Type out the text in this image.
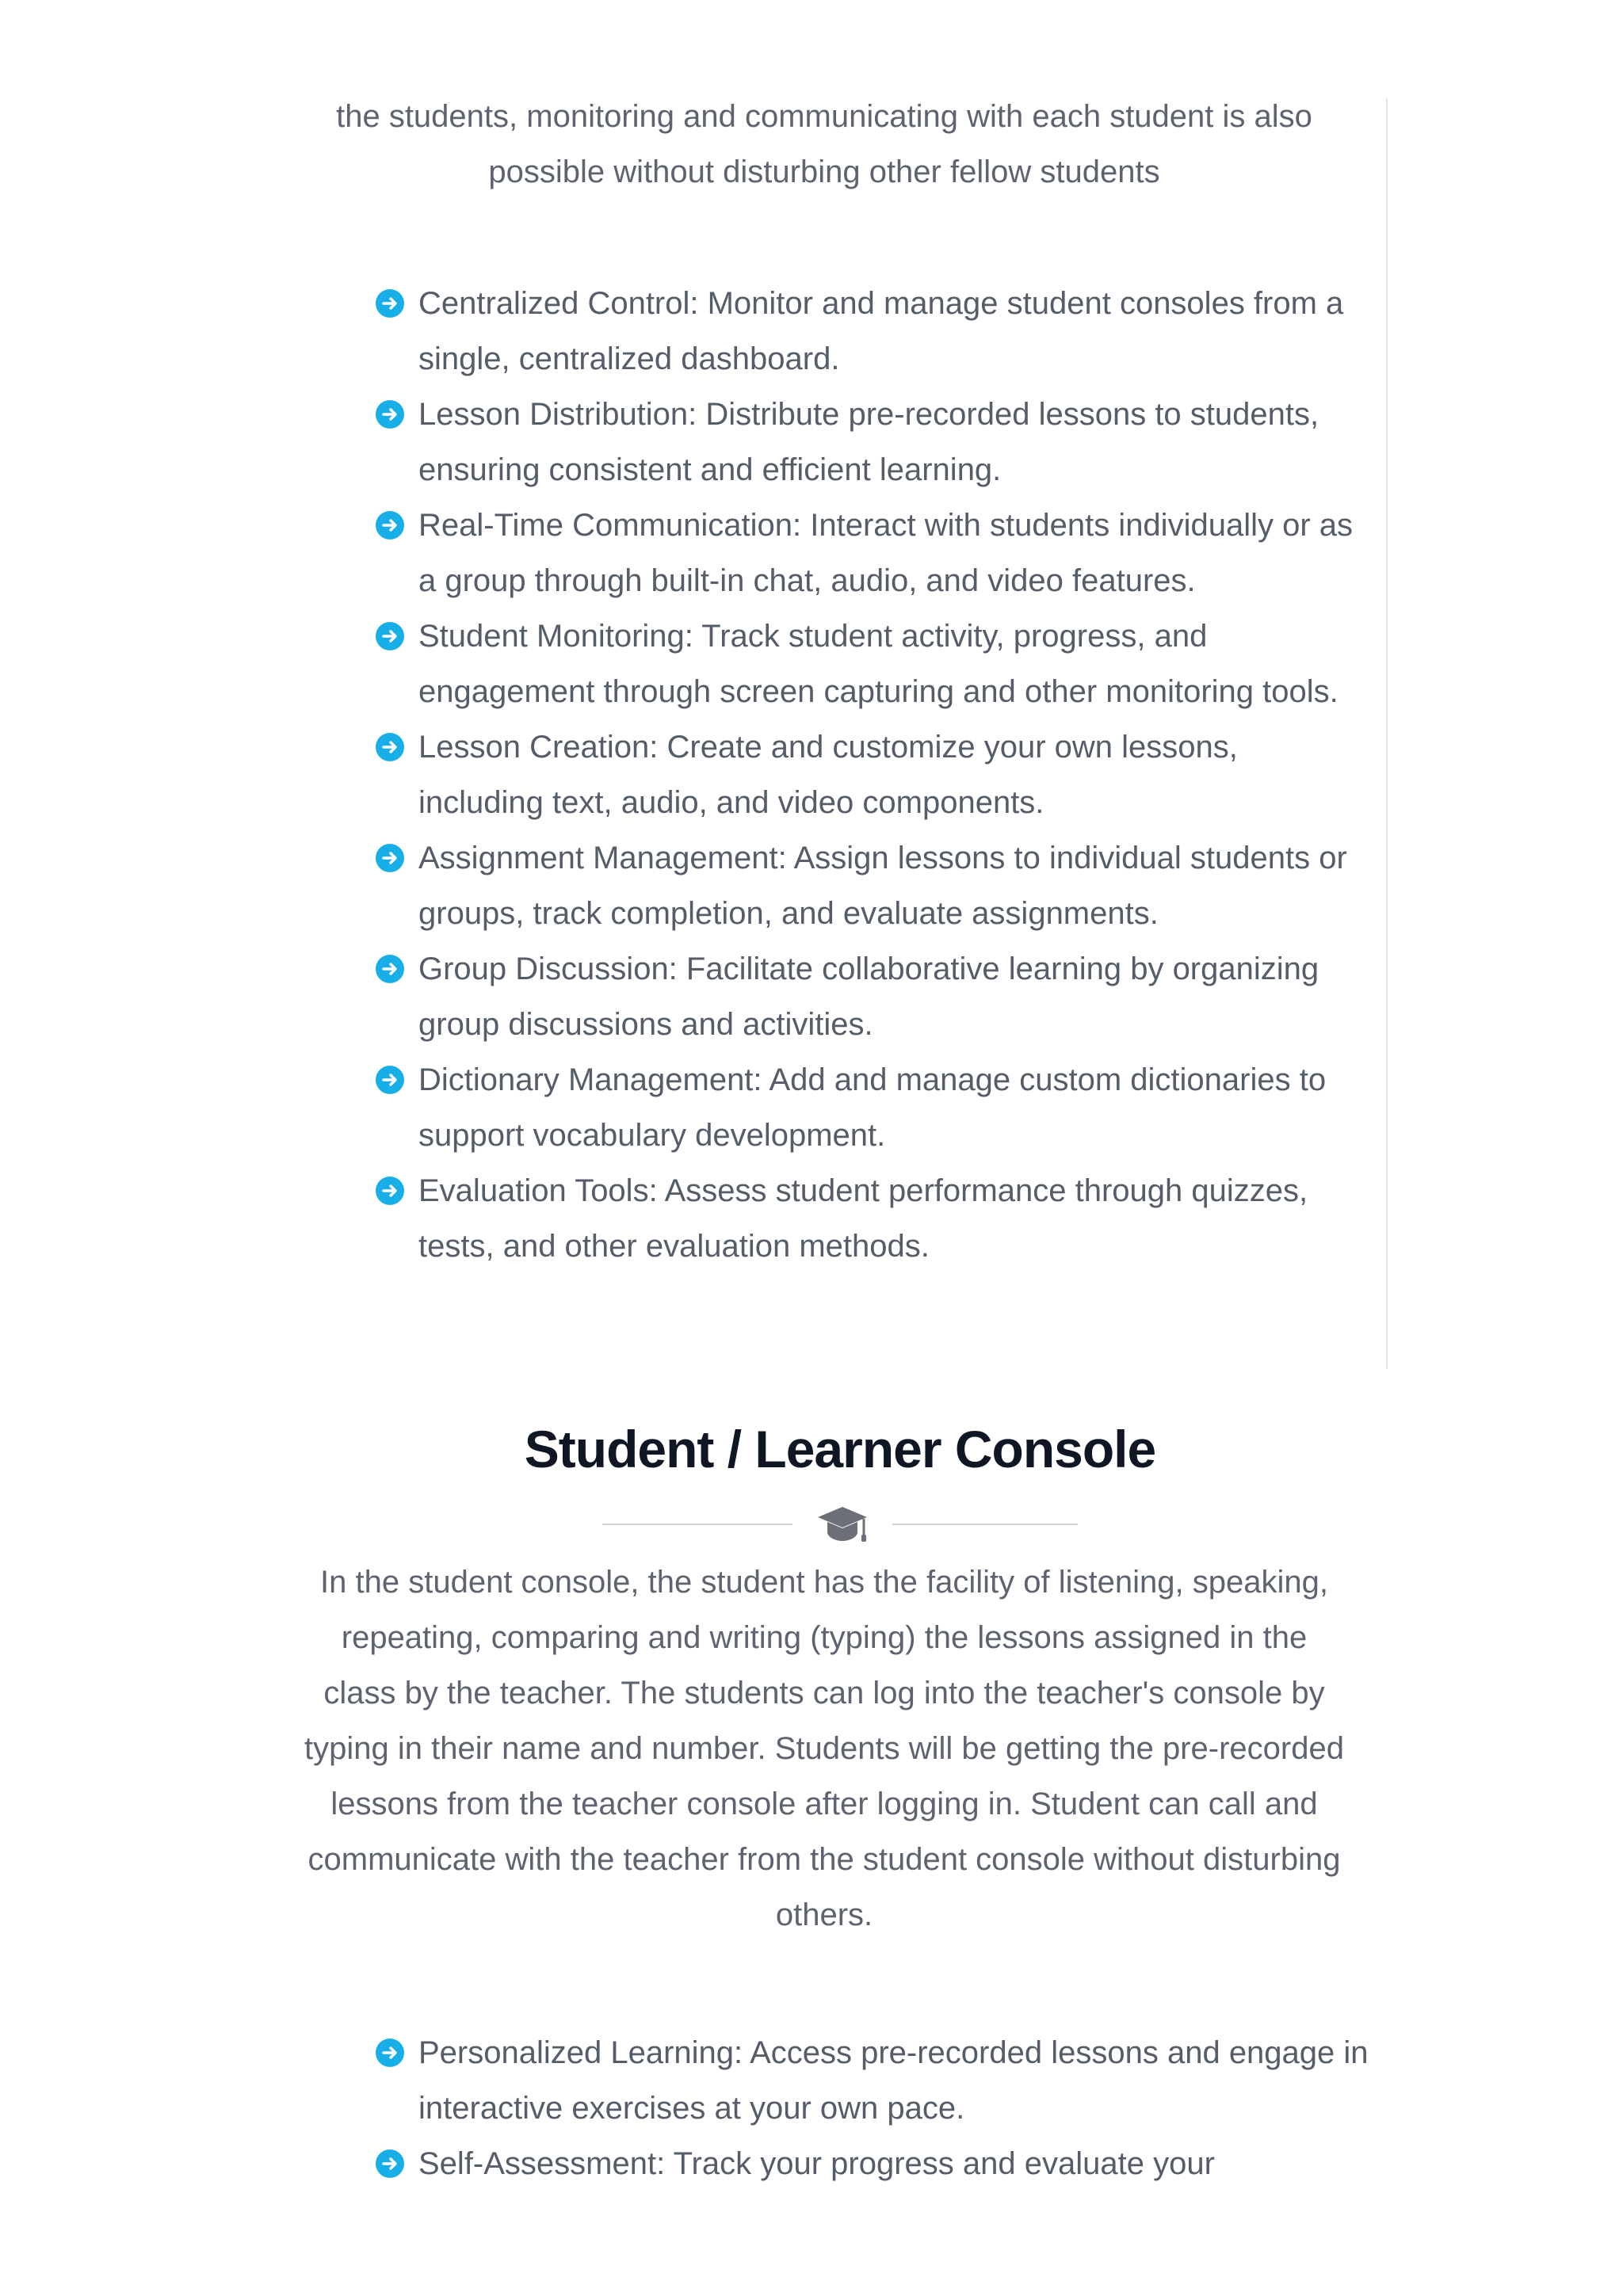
the students, monitoring and communicating with each student is also possible without disturbing other fellow students

Centralized Control: Monitor and manage student consoles from a single, centralized dashboard.
Lesson Distribution: Distribute pre-recorded lessons to students, ensuring consistent and efficient learning.
Real-Time Communication: Interact with students individually or as a group through built-in chat, audio, and video features.
Student Monitoring: Track student activity, progress, and engagement through screen capturing and other monitoring tools.
Lesson Creation: Create and customize your own lessons, including text, audio, and video components.
Assignment Management: Assign lessons to individual students or groups, track completion, and evaluate assignments.
Group Discussion: Facilitate collaborative learning by organizing group discussions and activities.
Dictionary Management: Add and manage custom dictionaries to support vocabulary development.
Evaluation Tools: Assess student performance through quizzes, tests, and other evaluation methods.
Student / Learner Console

In the student console, the student has the facility of listening, speaking, repeating, comparing and writing (typing) the lessons assigned in the class by the teacher. The students can log into the teacher's console by typing in their name and number. Students will be getting the pre-recorded lessons from the teacher console after logging in. Student can call and communicate with the teacher from the student console without disturbing others.

Personalized Learning: Access pre-recorded lessons and engage in interactive exercises at your own pace.
Self-Assessment: Track your progress and evaluate your
